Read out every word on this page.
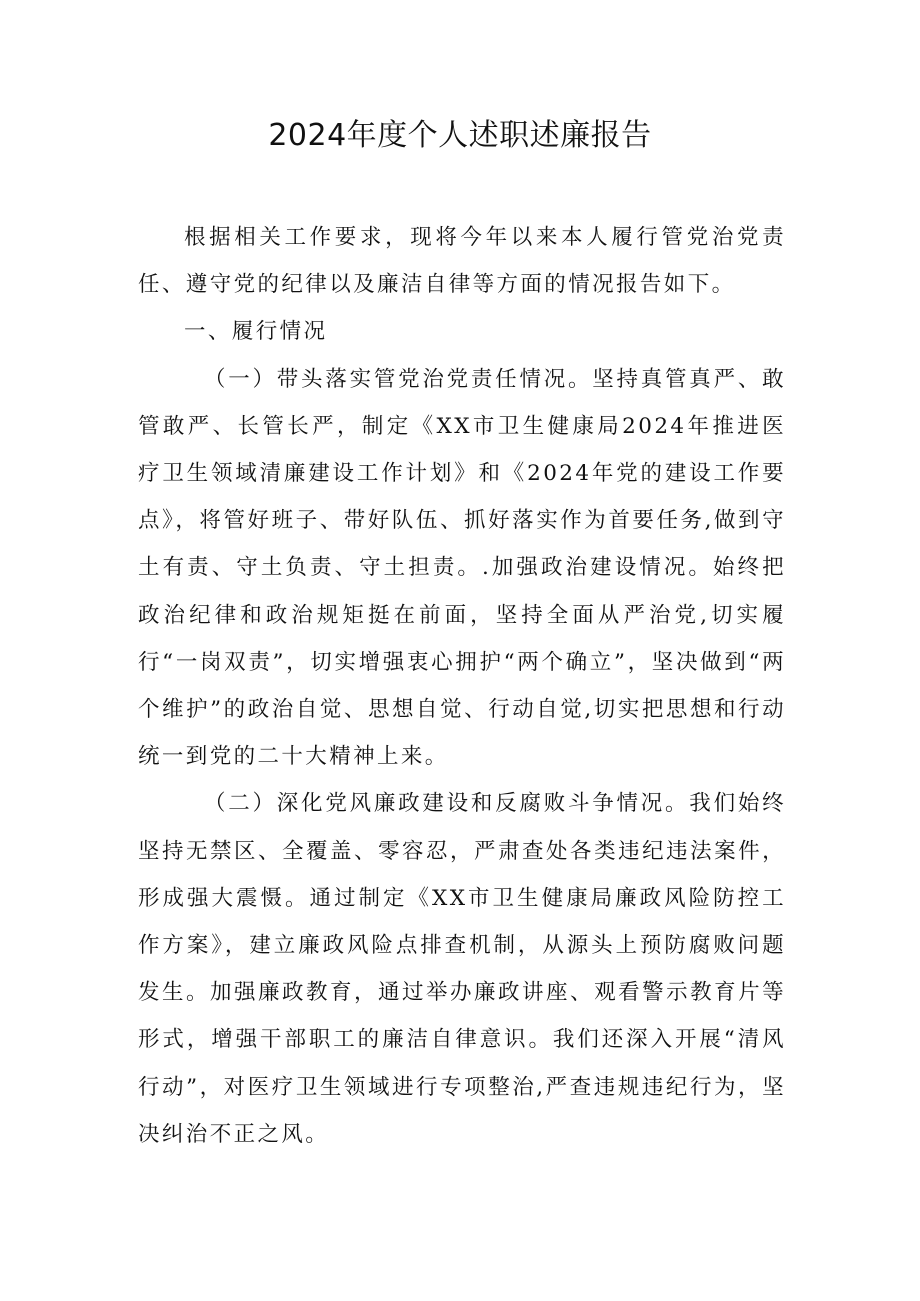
2024年度个人述职述廉报告

根据相关工作要求，现将今年以来本人履行管党治党责任、遵守党的纪律以及廉洁自律等方面的情况报告如下。

一、履行情况

（一）带头落实管党治党责任情况。坚持真管真严、敢管敢严、长管长严，制定《XX市卫生健康局2024年推进医疗卫生领域清廉建设工作计划》和《2024年党的建设工作要点》，将管好班子、带好队伍、抓好落实作为首要任务,做到守土有责、守土负责、守土担责。.加强政治建设情况。始终把政治纪律和政治规矩挺在前面，坚持全面从严治党,切实履行“一岗双责”，切实增强衷心拥护“两个确立”，坚决做到“两个维护”的政治自觉、思想自觉、行动自觉,切实把思想和行动统一到党的二十大精神上来。

（二）深化党风廉政建设和反腐败斗争情况。我们始终坚持无禁区、全覆盖、零容忍，严肃查处各类违纪违法案件，形成强大震慑。通过制定《XX市卫生健康局廉政风险防控工作方案》，建立廉政风险点排查机制，从源头上预防腐败问题发生。加强廉政教育，通过举办廉政讲座、观看警示教育片等形式，增强干部职工的廉洁自律意识。我们还深入开展“清风行动”，对医疗卫生领域进行专项整治,严查违规违纪行为，坚决纠治不正之风。
